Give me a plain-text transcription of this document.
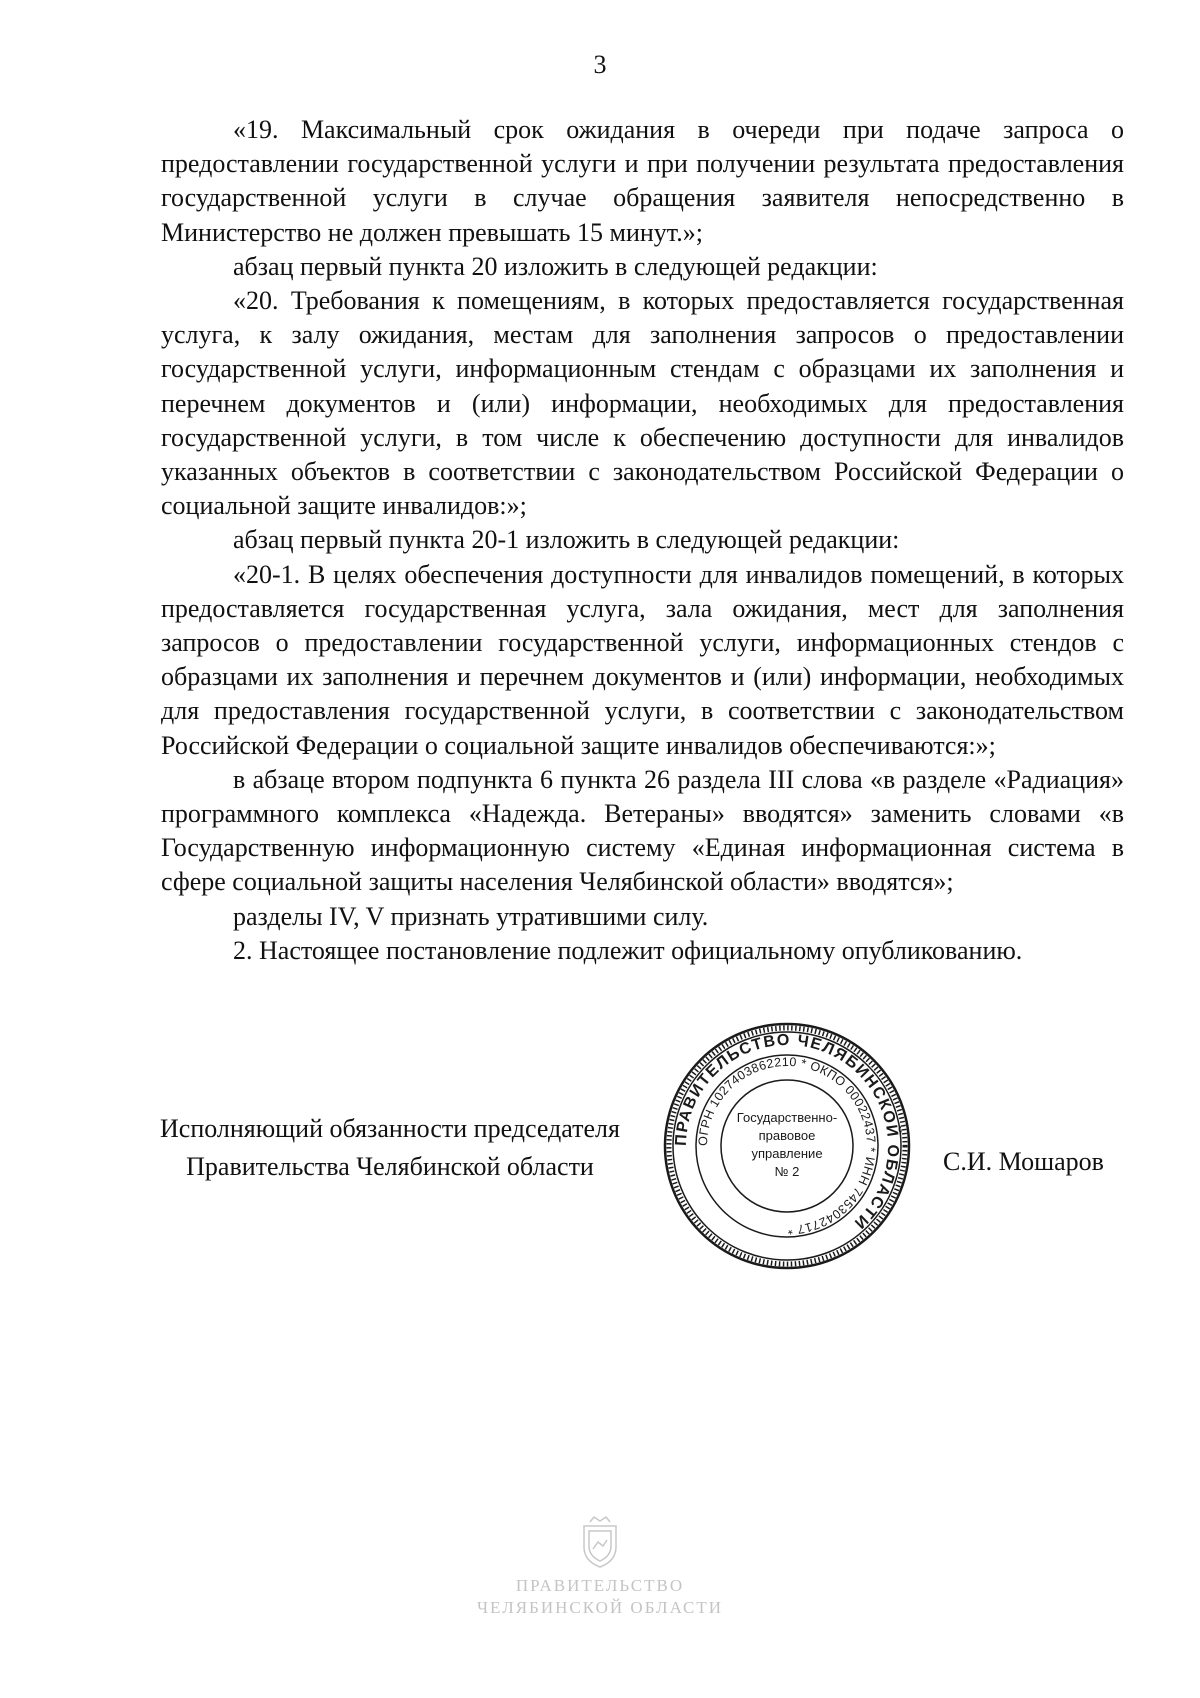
3

«19. Максимальный срок ожидания в очереди при подаче запроса о предоставлении государственной услуги и при получении результата предоставления государственной услуги в случае обращения заявителя непосредственно в Министерство не должен превышать 15 минут.»;

абзац первый пункта 20 изложить в следующей редакции:

«20. Требования к помещениям, в которых предоставляется государственная услуга, к залу ожидания, местам для заполнения запросов о предоставлении государственной услуги, информационным стендам с образцами их заполнения и перечнем документов и (или) информации, необходимых для предоставления государственной услуги, в том числе к обеспечению доступности для инвалидов указанных объектов в соответствии с законодательством Российской Федерации о социальной защите инвалидов:»;

абзац первый пункта 20-1 изложить в следующей редакции:

«20-1. В целях обеспечения доступности для инвалидов помещений, в которых предоставляется государственная услуга, зала ожидания, мест для заполнения запросов о предоставлении государственной услуги, информационных стендов с образцами их заполнения и перечнем документов и (или) информации, необходимых для предоставления государственной услуги, в соответствии с законодательством Российской Федерации о социальной защите инвалидов обеспечиваются:»;

в абзаце втором подпункта 6 пункта 26 раздела III слова «в разделе «Радиация» программного комплекса «Надежда. Ветераны» вводятся» заменить словами «в Государственную информационную систему «Единая информационная система в сфере социальной защиты населения Челябинской области» вводятся»;

разделы IV, V признать утратившими силу.

2. Настоящее постановление подлежит официальному опубликованию.

Исполняющий обязанности председателя
Правительства Челябинской области	С.И. Мошаров
ПРАВИТЕЛЬСТВО ЧЕЛЯБИНСКОЙ ОБЛАСТИ
ОГРН 1027403862210 * ОКПО 00022437 * ИНН 7453042717 *
Государственно-
правовое
управление
№ 2
ПРАВИТЕЛЬСТВО
ЧЕЛЯБИНСКОЙ ОБЛАСТИ
